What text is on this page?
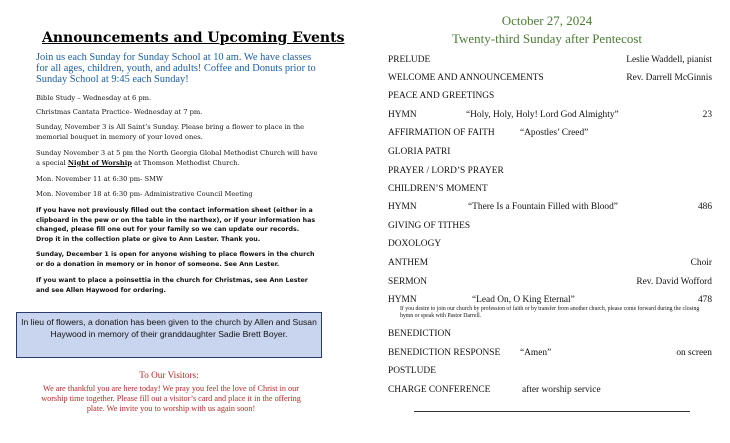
Announcements and Upcoming Events
Join us each Sunday for Sunday School at 10 am. We have classes for all ages, children, youth, and adults! Coffee and Donuts prior to Sunday School at 9:45 each Sunday!
Bible Study – Wednesday at 6 pm.
Christmas Cantata Practice- Wednesday at 7 pm.
Sunday, November 3 is All Saint’s Sunday. Please bring a flower to place in the memorial bouquet in memory of your loved ones.
Sunday November 3 at 5 pm the North Georgia Global Methodist Church will have a special Night of Worship at Thomson Methodist Church.
Mon. November 11 at 6:30 pm- SMW
Mon. November 18 at 6:30 pm- Administrative Council Meeting
If you have not previously filled out the contact information sheet (either in a clipboard in the pew or on the table in the narthex), or if your information has changed, please fill one out for your family so we can update our records. Drop it in the collection plate or give to Ann Lester. Thank you.
Sunday, December 1 is open for anyone wishing to place flowers in the church or do a donation in memory or in honor of someone. See Ann Lester.
If you want to place a poinsettia in the church for Christmas, see Ann Lester and see Allen Haywood for ordering.
In lieu of flowers, a donation has been given to the church by Allen and Susan Haywood in memory of their granddaughter Sadie Brett Boyer.
To Our Visitors:
We are thankful you are here today! We pray you feel the love of Christ in our worship time together. Please fill out a visitor’s card and place it in the offering plate. We invite you to worship with us again soon!
October 27, 2024
Twenty-third Sunday after Pentecost
PRELUDE	Leslie Waddell, pianist
WELCOME AND ANNOUNCEMENTS	Rev. Darrell McGinnis
PEACE AND GREETINGS
HYMN	“Holy, Holy, Holy! Lord God Almighty”	23
AFFIRMATION OF FAITH	“Apostles’ Creed”
GLORIA PATRI
PRAYER / LORD’S PRAYER
CHILDREN’S MOMENT
HYMN	“There Is a Fountain Filled with Blood”	486
GIVING OF TITHES
DOXOLOGY
ANTHEM	Choir
SERMON	Rev. David Wofford
HYMN	“Lead On, O King Eternal”	478
If you desire to join our church by profession of faith or by transfer from another church, please come forward during the closing hymn or speak with Pastor Darrell.
BENEDICTION
BENEDICTION RESPONSE “Amen”	on screen
POSTLUDE
CHARGE CONFERENCE	after worship service
